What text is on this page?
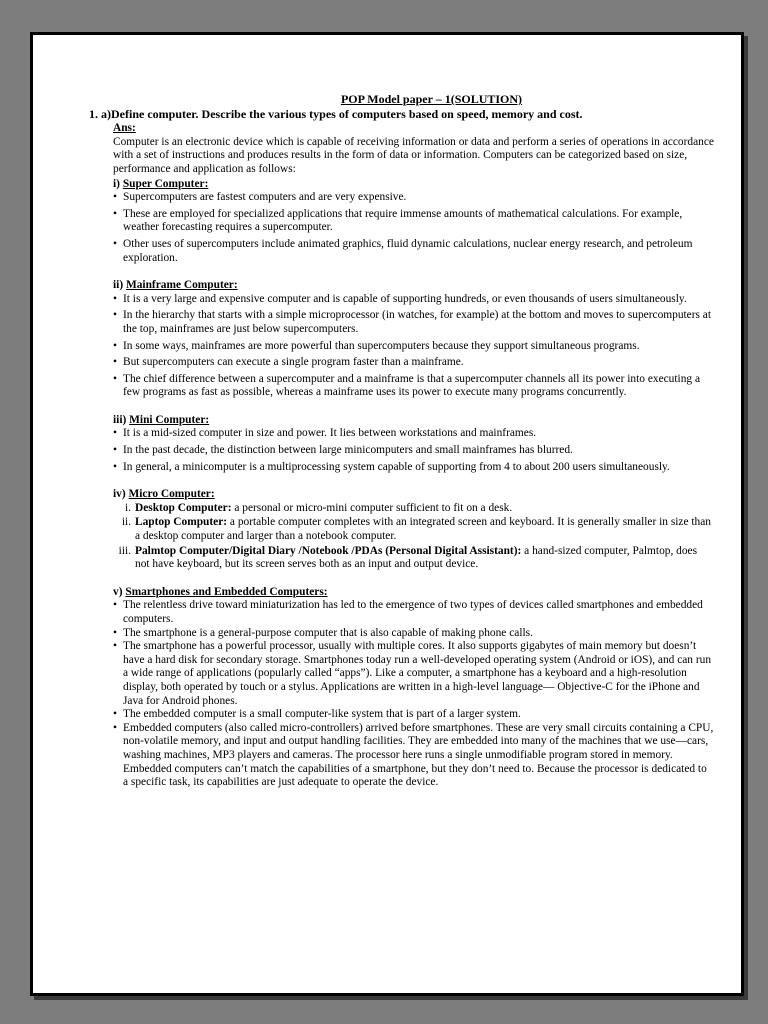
POP Model paper – 1(SOLUTION)
1. a)Define computer. Describe the various types of computers based on speed, memory and cost.
Ans:

Computer is an electronic device which is capable of receiving information or data and perform a series of operations in accordance with a set of instructions and produces results in the form of data or information. Computers can be categorized based on size, performance and application as follows:

i) Super Computer:
• Supercomputers are fastest computers and are very expensive.
• These are employed for specialized applications that require immense amounts of mathematical calculations. For example, weather forecasting requires a supercomputer.
• Other uses of supercomputers include animated graphics, fluid dynamic calculations, nuclear energy research, and petroleum exploration.
ii) Mainframe Computer:
• It is a very large and expensive computer and is capable of supporting hundreds, or even thousands of users simultaneously.
• In the hierarchy that starts with a simple microprocessor (in watches, for example) at the bottom and moves to supercomputers at the top, mainframes are just below supercomputers.
• In some ways, mainframes are more powerful than supercomputers because they support simultaneous programs.
• But supercomputers can execute a single program faster than a mainframe.
• The chief difference between a supercomputer and a mainframe is that a supercomputer channels all its power into executing a few programs as fast as possible, whereas a mainframe uses its power to execute many programs concurrently.
iii) Mini Computer:
• It is a mid-sized computer in size and power. It lies between workstations and mainframes.
• In the past decade, the distinction between large minicomputers and small mainframes has blurred.
• In general, a minicomputer is a multiprocessing system capable of supporting from 4 to about 200 users simultaneously.
iv) Micro Computer:
i. Desktop Computer: a personal or micro-mini computer sufficient to fit on a desk.
ii. Laptop Computer: a portable computer completes with an integrated screen and keyboard. It is generally smaller in size than a desktop computer and larger than a notebook computer.
iii. Palmtop Computer/Digital Diary /Notebook /PDAs (Personal Digital Assistant): a hand-sized computer, Palmtop, does not have keyboard, but its screen serves both as an input and output device.
v) Smartphones and Embedded Computers:
• The relentless drive toward miniaturization has led to the emergence of two types of devices called smartphones and embedded computers.
• The smartphone is a general-purpose computer that is also capable of making phone calls.
• The smartphone has a powerful processor, usually with multiple cores. It also supports gigabytes of main memory but doesn’t have a hard disk for secondary storage. Smartphones today run a well-developed operating system (Android or iOS), and can run a wide range of applications (popularly called “apps”). Like a computer, a smartphone has a keyboard and a high-resolution display, both operated by touch or a stylus. Applications are written in a high-level language— Objective-C for the iPhone and Java for Android phones.
• The embedded computer is a small computer-like system that is part of a larger system.
• Embedded computers (also called micro-controllers) arrived before smartphones. These are very small circuits containing a CPU, non-volatile memory, and input and output handling facilities. They are embedded into many of the machines that we use—cars, washing machines, MP3 players and cameras. The processor here runs a single unmodifiable program stored in memory. Embedded computers can’t match the capabilities of a smartphone, but they don’t need to. Because the processor is dedicated to a specific task, its capabilities are just adequate to operate the device.
